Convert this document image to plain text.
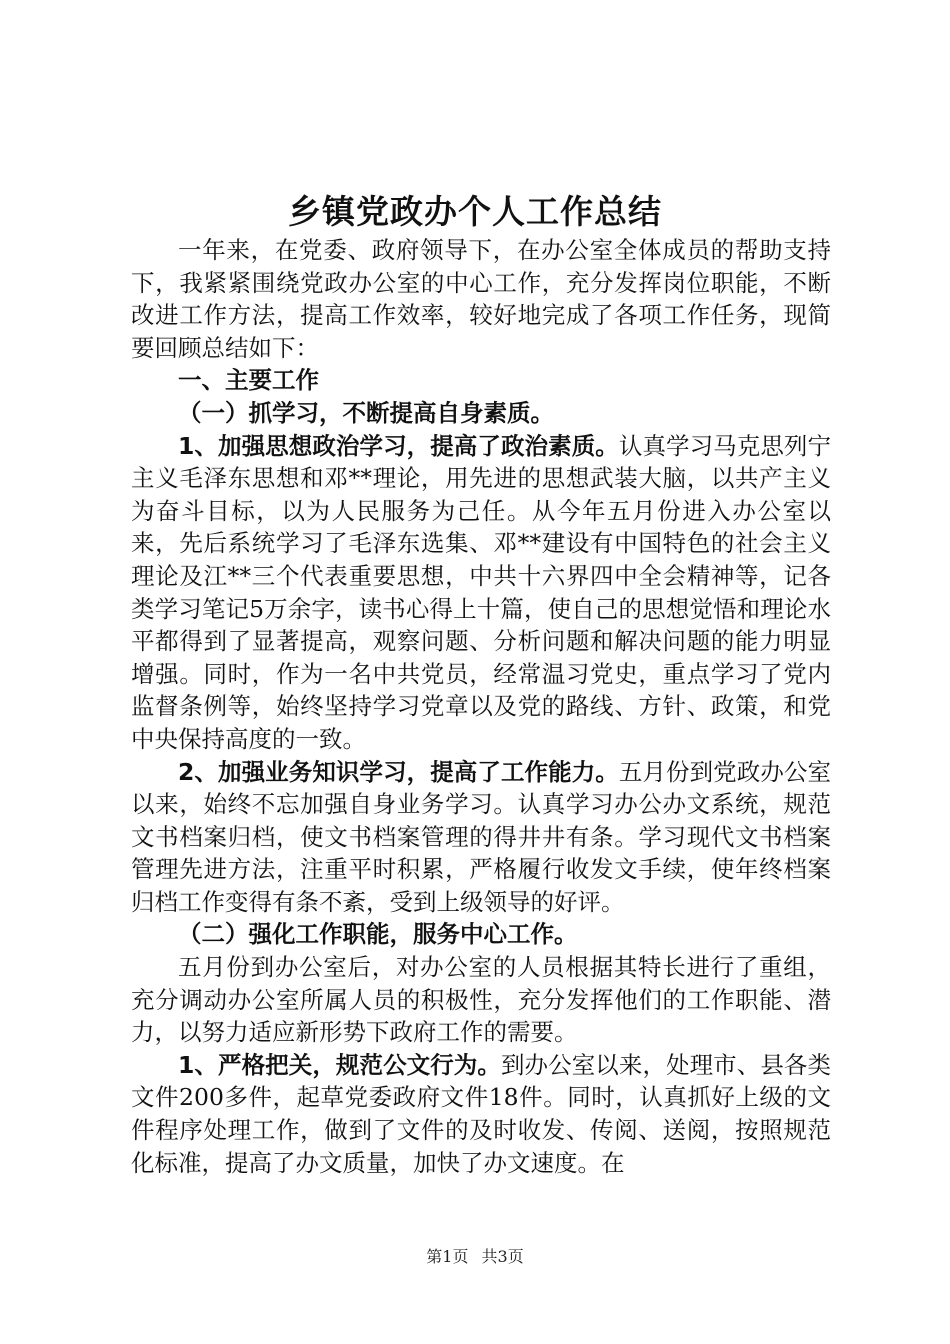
乡镇党政办个人工作总结

一年来，在党委、政府领导下，在办公室全体成员的帮助支持下，我紧紧围绕党政办公室的中心工作，充分发挥岗位职能，不断改进工作方法，提高工作效率，较好地完成了各项工作任务，现简要回顾总结如下：

一、主要工作

（一）抓学习，不断提高自身素质。

1、加强思想政治学习，提高了政治素质。认真学习马克思列宁主义毛泽东思想和邓**理论，用先进的思想武装大脑，以共产主义为奋斗目标，以为人民服务为己任。从今年五月份进入办公室以来，先后系统学习了毛泽东选集、邓**建设有中国特色的社会主义理论及江**三个代表重要思想，中共十六界四中全会精神等，记各类学习笔记5万余字，读书心得上十篇，使自己的思想觉悟和理论水平都得到了显著提高，观察问题、分析问题和解决问题的能力明显增强。同时，作为一名中共党员，经常温习党史，重点学习了党内监督条例等，始终坚持学习党章以及党的路线、方针、政策，和党中央保持高度的一致。

2、加强业务知识学习，提高了工作能力。五月份到党政办公室以来，始终不忘加强自身业务学习。认真学习办公办文系统，规范文书档案归档，使文书档案管理的得井井有条。学习现代文书档案管理先进方法，注重平时积累，严格履行收发文手续，使年终档案归档工作变得有条不紊，受到上级领导的好评。

（二）强化工作职能，服务中心工作。

五月份到办公室后，对办公室的人员根据其特长进行了重组，充分调动办公室所属人员的积极性，充分发挥他们的工作职能、潜力，以努力适应新形势下政府工作的需要。

1、严格把关，规范公文行为。到办公室以来，处理市、县各类文件200多件，起草党委政府文件18件。同时，认真抓好上级的文件程序处理工作，做到了文件的及时收发、传阅、送阅，按照规范化标准，提高了办文质量，加快了办文速度。在

第1页 共3页
